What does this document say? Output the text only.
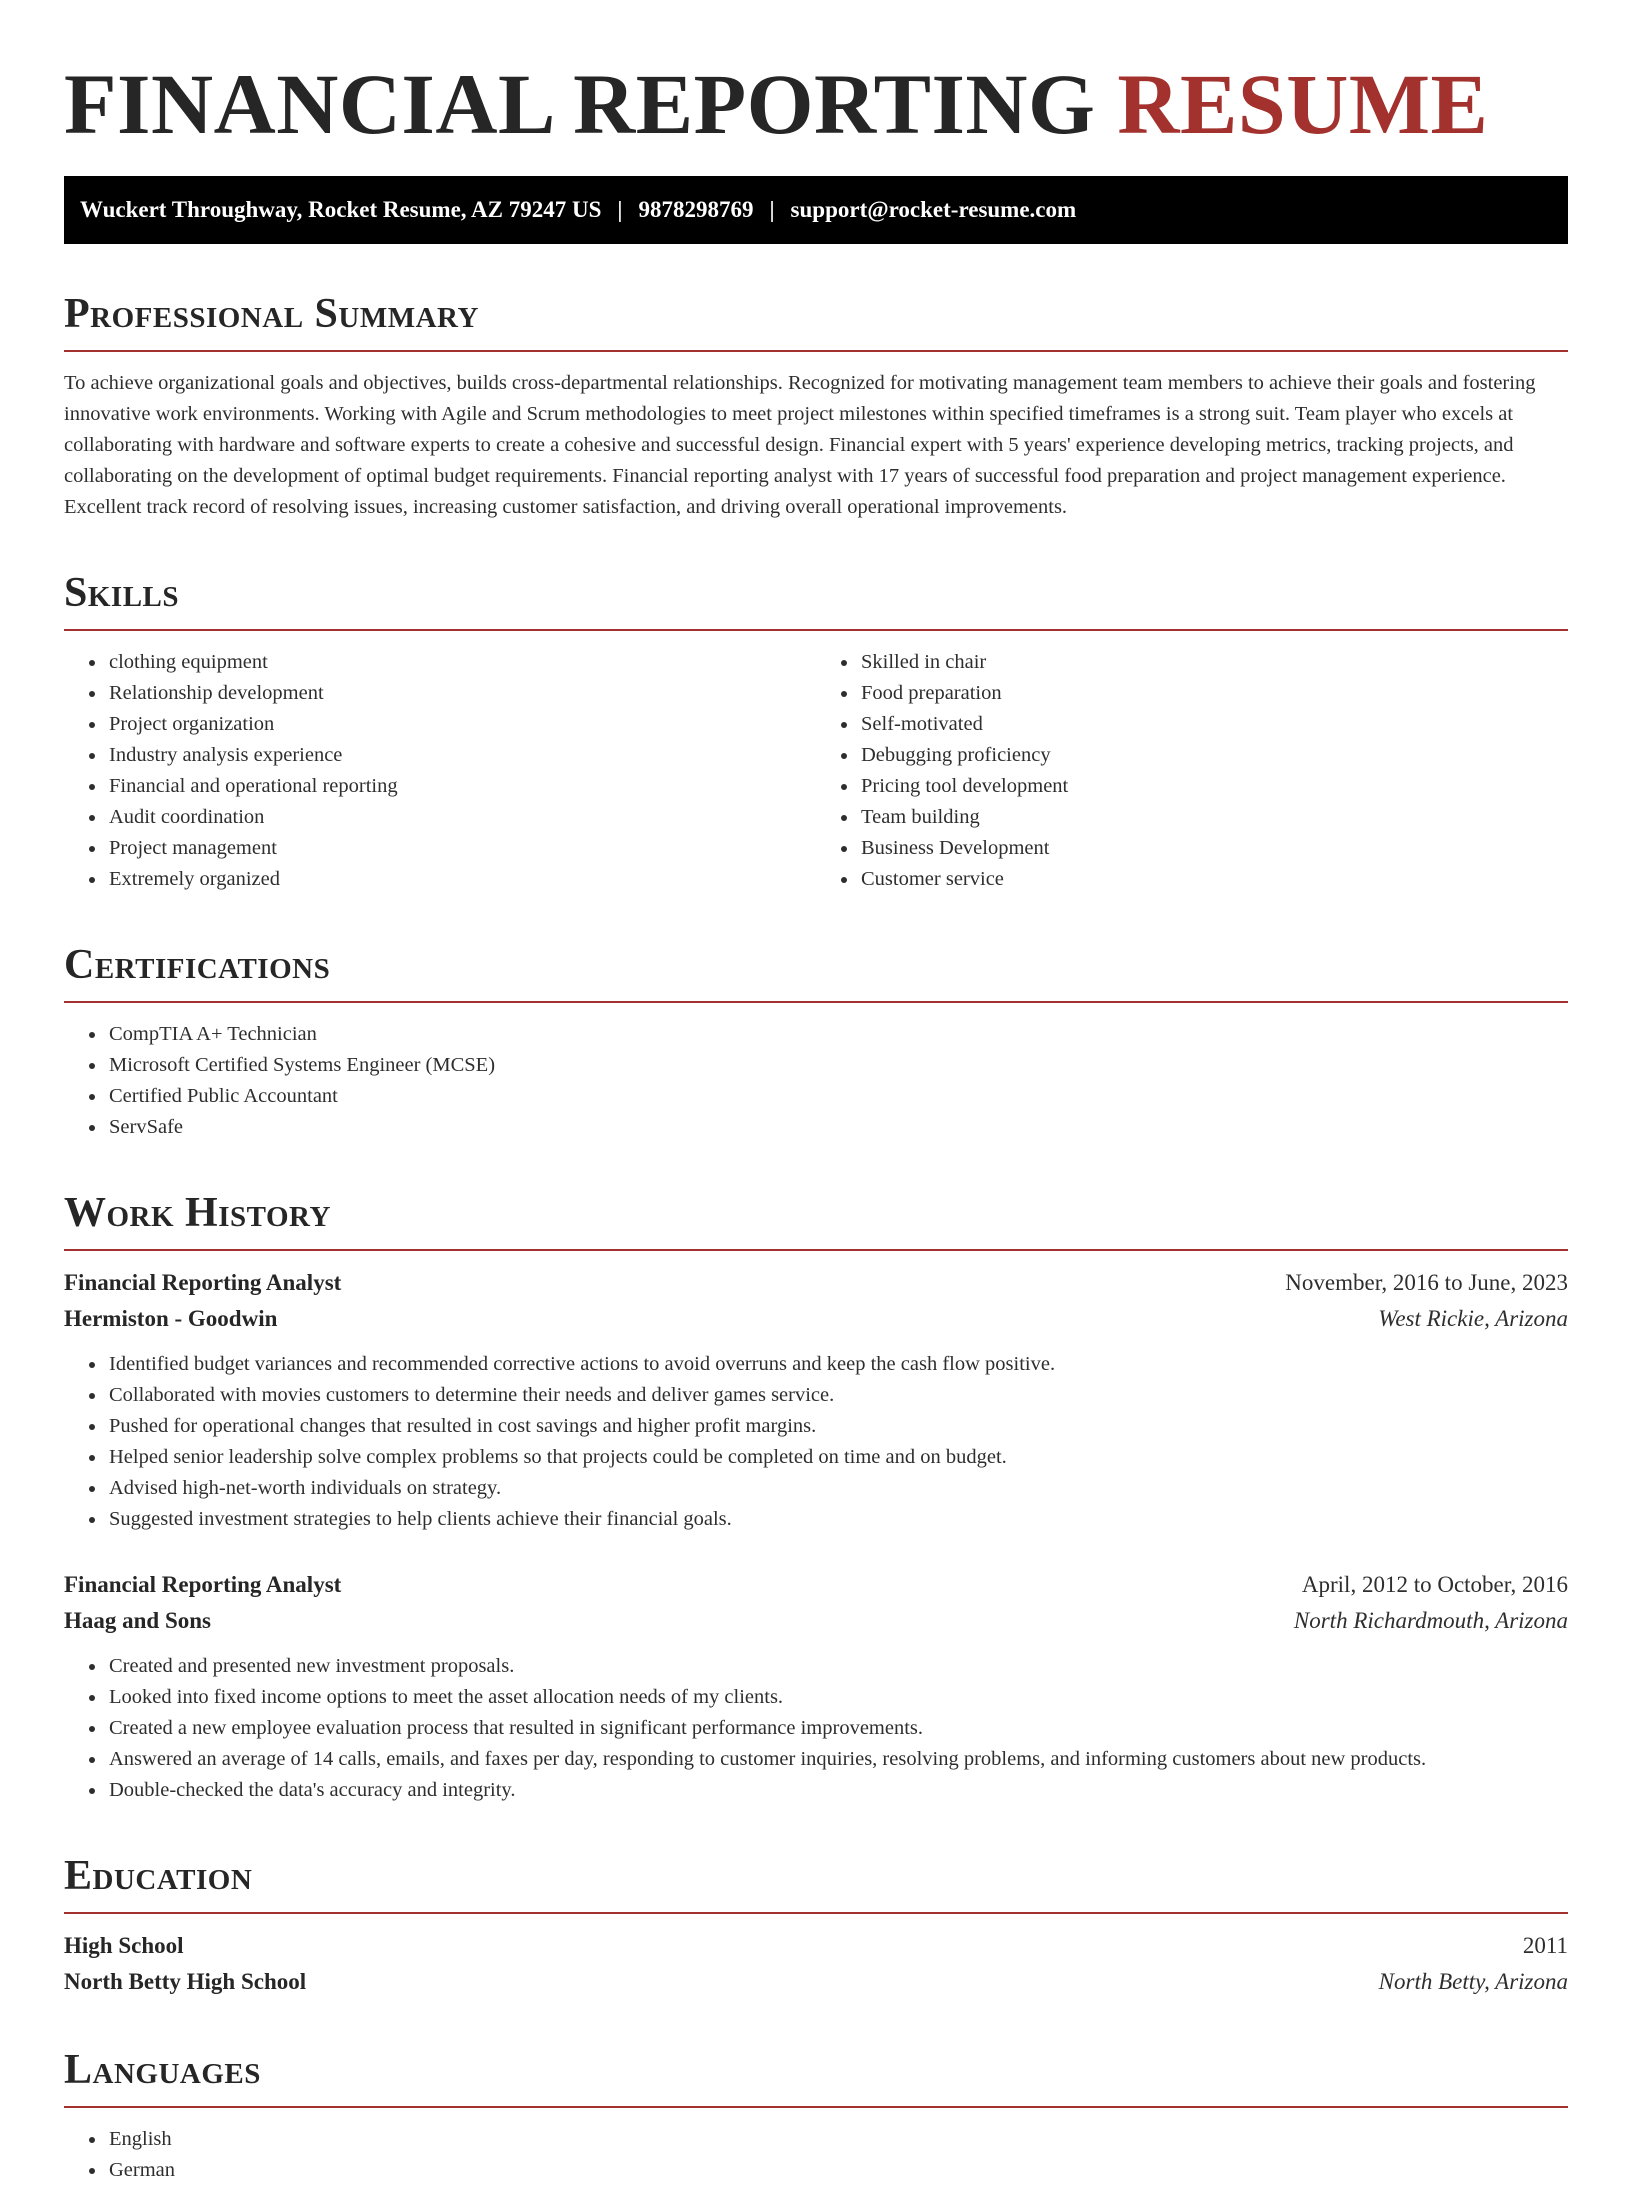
FINANCIAL REPORTING RESUME
Wuckert Throughway, Rocket Resume, AZ 79247 US | 9878298769 | support@rocket-resume.com
Professional Summary

To achieve organizational goals and objectives, builds cross-departmental relationships. Recognized for motivating management team members to achieve their goals and fostering innovative work environments. Working with Agile and Scrum methodologies to meet project milestones within specified timeframes is a strong suit. Team player who excels at collaborating with hardware and software experts to create a cohesive and successful design. Financial expert with 5 years' experience developing metrics, tracking projects, and collaborating on the development of optimal budget requirements. Financial reporting analyst with 17 years of successful food preparation and project management experience. Excellent track record of resolving issues, increasing customer satisfaction, and driving overall operational improvements.

Skills
• clothing equipment
• Relationship development
• Project organization
• Industry analysis experience
• Financial and operational reporting
• Audit coordination
• Project management
• Extremely organized
• Skilled in chair
• Food preparation
• Self-motivated
• Debugging proficiency
• Pricing tool development
• Team building
• Business Development
• Customer service
Certifications
• CompTIA A+ Technician
• Microsoft Certified Systems Engineer (MCSE)
• Certified Public Accountant
• ServSafe
Work History
Financial Reporting Analyst	November, 2016 to June, 2023
Hermiston - Goodwin	West Rickie, Arizona
• Identified budget variances and recommended corrective actions to avoid overruns and keep the cash flow positive.
• Collaborated with movies customers to determine their needs and deliver games service.
• Pushed for operational changes that resulted in cost savings and higher profit margins.
• Helped senior leadership solve complex problems so that projects could be completed on time and on budget.
• Advised high-net-worth individuals on strategy.
• Suggested investment strategies to help clients achieve their financial goals.
Financial Reporting Analyst	April, 2012 to October, 2016
Haag and Sons	North Richardmouth, Arizona
• Created and presented new investment proposals.
• Looked into fixed income options to meet the asset allocation needs of my clients.
• Created a new employee evaluation process that resulted in significant performance improvements.
• Answered an average of 14 calls, emails, and faxes per day, responding to customer inquiries, resolving problems, and informing customers about new products.
• Double-checked the data's accuracy and integrity.
Education
High School	2011
North Betty High School	North Betty, Arizona
Languages
• English
• German
